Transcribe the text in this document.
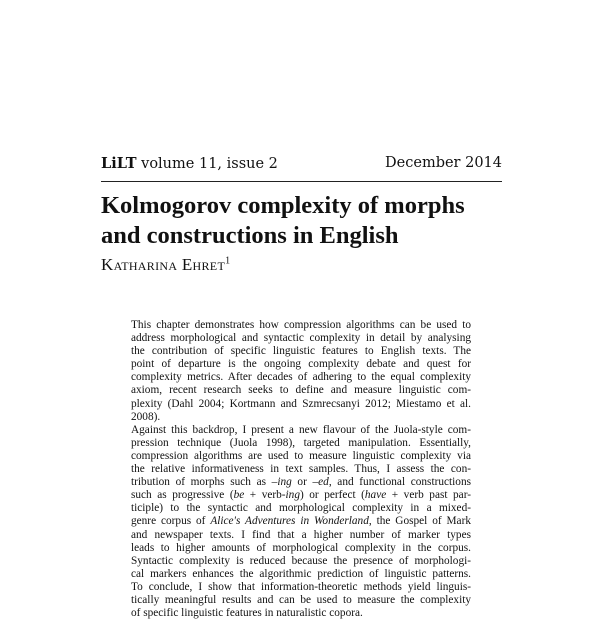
LiLT volume 11, issue 2	December 2014
Kolmogorov complexity of morphs
and constructions in English
Katharina Ehret$^1$
This chapter demonstrates how compression algorithms can be used to
address morphological and syntactic complexity in detail by analysing
the contribution of specific linguistic features to English texts. The
point of departure is the ongoing complexity debate and quest for
complexity metrics. After decades of adhering to the equal complexity
axiom, recent research seeks to define and measure linguistic com-
plexity (Dahl 2004; Kortmann and Szmrecsanyi 2012; Miestamo et al.
2008).
Against this backdrop, I present a new flavour of the Juola-style com-
pression technique (Juola 1998), targeted manipulation. Essentially,
compression algorithms are used to measure linguistic complexity via
the relative informativeness in text samples. Thus, I assess the con-
tribution of morphs such as –ing or –ed, and functional constructions
such as progressive (be + verb-ing) or perfect (have + verb past par-
ticiple) to the syntactic and morphological complexity in a mixed-
genre corpus of Alice's Adventures in Wonderland, the Gospel of Mark
and newspaper texts. I find that a higher number of marker types
leads to higher amounts of morphological complexity in the corpus.
Syntactic complexity is reduced because the presence of morphologi-
cal markers enhances the algorithmic prediction of linguistic patterns.
To conclude, I show that information-theoretic methods yield linguis-
tically meaningful results and can be used to measure the complexity
of specific linguistic features in naturalistic copora.
